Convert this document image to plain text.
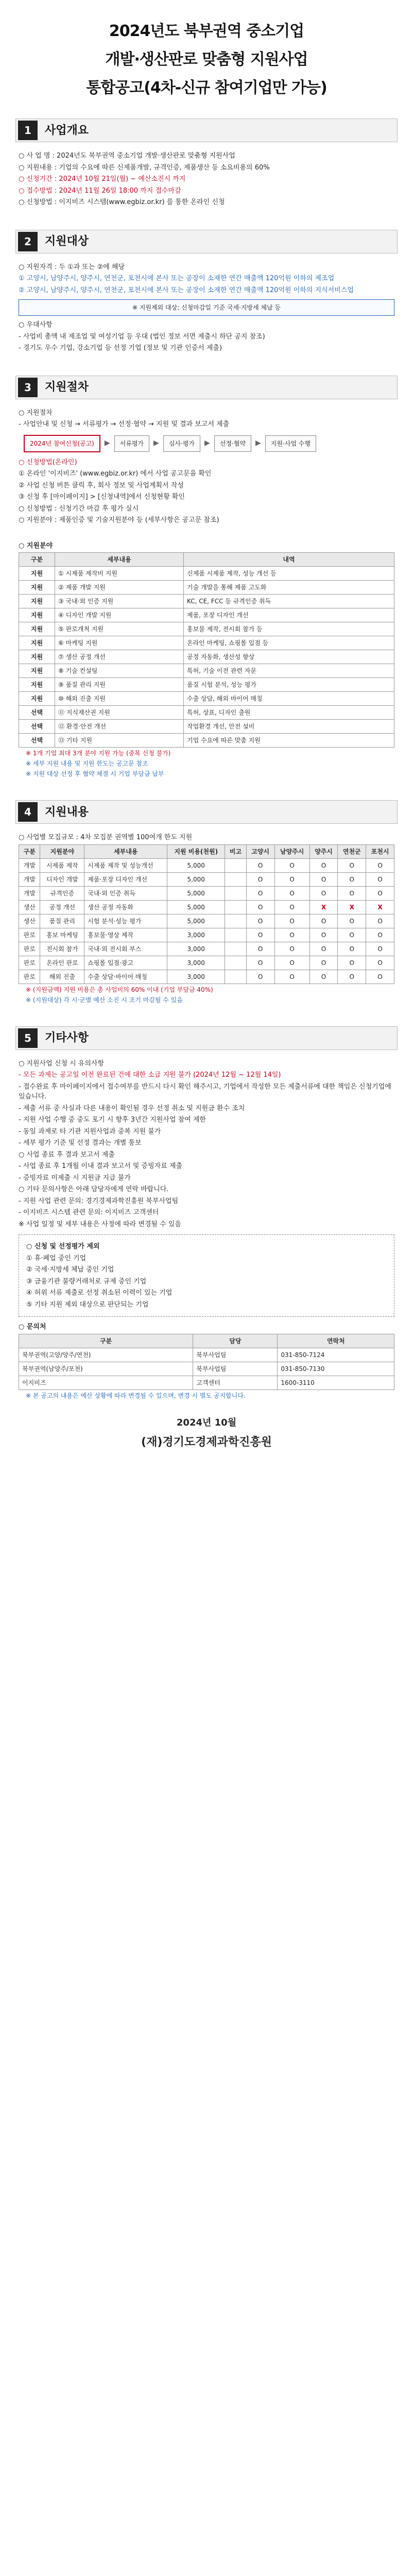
2024년도 북부권역 중소기업
개발·생산판로 맞춤형 지원사업
통합공고(4차-신규 참여기업만 가능)
1	사업개요

○ 사 업 명 : 2024년도 북부권역 중소기업 개발·생산판로 맞춤형 지원사업

○ 지원내용 : 기업의 수요에 따른 신제품개발, 규격인증, 제품생산 등 소요비용의 60%

○ 신청기간 : 2024년 10월 21일(월) ~ 예산소진시 까지

○ 접수방법 : 2024년 11월 26일 18:00 까지 접수마감

○ 신청방법 : 이지비즈 시스템(www.egbiz.or.kr) 를 통한 온라인 신청

2	지원대상

○ 지원자격 : 두 ①과 또는 ②에 해당

① 고양시, 남양주시, 양주시, 연천군, 포천시에 본사 또는 공장이 소재한 연간 매출액 120억원 이하의 제조업

② 고양시, 남양주시, 양주시, 연천군, 포천시에 본사 또는 공장이 소재한 연간 매출액 120억원 이하의 지식서비스업

※ 지원제외 대상: 신청마감일 기준 국세·지방세 체납 등

○ 우대사항

- 사업비 총액 내 제조업 및 여성기업 등 우대 (법인 정보 서면 제출시 하단 공지 참조)

- 경기도 우수 기업, 강소기업 등 선정 기업 (정보 및 기관 인증서 제출)

3	지원절차

○ 지원절차

- 사업안내 및 신청 → 서류평가 → 선정·협약 → 지원 및 결과 보고서 제출

2024년 참여신청(공고)	▶	서류평가	▶	심사·평가	▶	선정·협약	▶	지원·사업 수행

○ 신청방법(온라인)

① 온라인 '이지비즈' (www.egbiz.or.kr) 에서 사업 공고문을 확인

② 사업 신청 버튼 클릭 후, 회사 정보 및 사업계획서 작성

③ 신청 후 [마이페이지] > [신청내역]에서 신청현황 확인

○ 신청방법 : 신청기간 마감 후 평가 실시

○ 지원분야 : 제품인증 및 기술지원분야 등 (세부사항은 공고문 참조)

○ 지원분야

구분	세부내용	내역
지원	① 시제품 제작비 지원	신제품 시제품 제작, 성능 개선 등
지원	② 제품 개발 지원	기술 개발을 통해 제품 고도화
지원	③ 국내·외 인증 지원	KC, CE, FCC 등 규격인증 취득
지원	④ 디자인 개발 지원	제품, 포장 디자인 개선
지원	⑤ 판로개척 지원	홍보물 제작, 전시회 참가 등
지원	⑥ 마케팅 지원	온라인 마케팅, 쇼핑몰 입점 등
지원	⑦ 생산 공정 개선	공정 자동화, 생산성 향상
지원	⑧ 기술 컨설팅	특허, 기술 이전 관련 자문
지원	⑨ 품질 관리 지원	품질 시험 분석, 성능 평가
지원	⑩ 해외 진출 지원	수출 상담, 해외 바이어 매칭
선택	⑪ 지식재산권 지원	특허, 상표, 디자인 출원
선택	⑫ 환경·안전 개선	작업환경 개선, 안전 설비
선택	⑬ 기타 지원	기업 수요에 따른 맞춤 지원

※ 1개 기업 최대 3개 분야 지원 가능 (중복 신청 불가)

※ 세부 지원 내용 및 지원 한도는 공고문 참조

※ 지원 대상 선정 후 협약 체결 시 기업 부담금 납부

4	지원내용

○ 사업별 모집규모 : 4차 모집분 권역별 100여개 한도 지원

구분	지원분야	세부내용	지원 비용(천원)	비고	고양시	남양주시	양주시	연천군	포천시
개발	시제품 제작	시제품 제작 및 성능개선	5,000		O	O	O	O	O
개발	디자인 개발	제품·포장 디자인 개선	5,000		O	O	O	O	O
개발	규격인증	국내·외 인증 취득	5,000		O	O	O	O	O
생산	공정 개선	생산 공정 자동화	5,000		O	O	X	X	X
생산	품질 관리	시험 분석·성능 평가	5,000		O	O	O	O	O
판로	홍보 마케팅	홍보물·영상 제작	3,000		O	O	O	O	O
판로	전시회 참가	국내·외 전시회 부스	3,000		O	O	O	O	O
판로	온라인 판로	쇼핑몰 입점·광고	3,000		O	O	O	O	O
판로	해외 진출	수출 상담·바이어 매칭	3,000		O	O	O	O	O

※ (지원금액) 지원 비용은 총 사업비의 60% 이내 (기업 부담금 40%)

※ (지원대상) 각 시·군별 예산 소진 시 조기 마감될 수 있음

5	기타사항

○ 지원사업 신청 시 유의사항

- 모든 과제는 공고일 이전 완료된 건에 대한 소급 지원 불가 (2024년 12월 ~ 12월 14일)

- 접수완료 후 마이페이지에서 접수여부를 반드시 다시 확인 해주시고, 기업에서 작성한 모든 제출서류에 대한 책임은 신청기업에 있습니다.

- 제출 서류 중 사실과 다른 내용이 확인될 경우 선정 취소 및 지원금 환수 조치

- 지원 사업 수행 중 중도 포기 시 향후 3년간 지원사업 참여 제한

- 동일 과제로 타 기관 지원사업과 중복 지원 불가

- 세부 평가 기준 및 선정 결과는 개별 통보

○ 사업 종료 후 결과 보고서 제출

- 사업 종료 후 1개월 이내 결과 보고서 및 증빙자료 제출

- 증빙자료 미제출 시 지원금 지급 불가

○ 기타 문의사항은 아래 담당자에게 연락 바랍니다.

- 지원 사업 관련 문의: 경기경제과학진흥원 북부사업팀

- 이지비즈 시스템 관련 문의: 이지비즈 고객센터

※ 사업 일정 및 세부 내용은 사정에 따라 변경될 수 있음

○ 신청 및 선정평가 제외

① 휴·폐업 중인 기업

② 국세·지방세 체납 중인 기업

③ 금융기관 불량거래처로 규제 중인 기업

④ 허위 서류 제출로 선정 취소된 이력이 있는 기업

⑤ 기타 지원 제외 대상으로 판단되는 기업

○ 문의처

구분	담당	연락처
북부권역(고양/양주/연천)	북부사업팀	031-850-7124
북부권역(남양주/포천)	북부사업팀	031-850-7130
이지비즈	고객센터	1600-3110

※ 본 공고의 내용은 예산 상황에 따라 변경될 수 있으며, 변경 시 별도 공지합니다.

2024년 10월
(재)경기도경제과학진흥원
